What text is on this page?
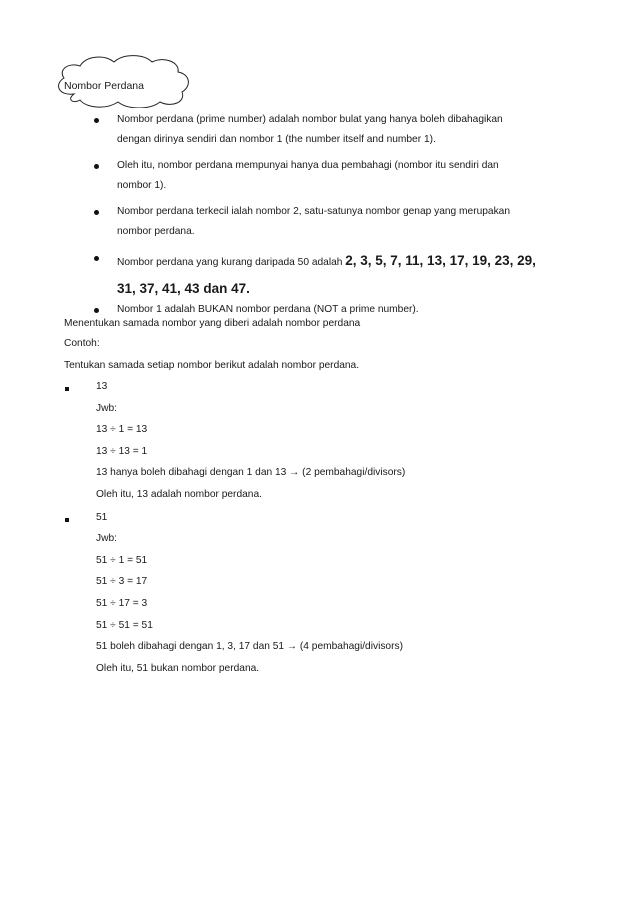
Nombor Perdana

Nombor perdana (prime number) adalah nombor bulat yang hanya boleh dibahagikan

dengan dirinya sendiri dan nombor 1 (the number itself and number 1).

Oleh itu, nombor perdana mempunyai hanya dua pembahagi (nombor itu sendiri dan

nombor 1).

Nombor perdana terkecil ialah nombor 2, satu-satunya nombor genap yang merupakan

nombor perdana.

Nombor perdana yang kurang daripada 50 adalah 2, 3, 5, 7, 11, 13, 17, 19, 23, 29,

31, 37, 41, 43 dan 47.

Nombor 1 adalah BUKAN nombor perdana (NOT a prime number).

Menentukan samada nombor yang diberi adalah nombor perdana
Contoh:
Tentukan samada setiap nombor berikut adalah nombor perdana.
13
Jwb:
13 ÷ 1 = 13
13 ÷ 13 = 1
13 hanya boleh dibahagi dengan 1 dan 13 → (2 pembahagi/divisors)
Oleh itu, 13 adalah nombor perdana.
51
Jwb:
51 ÷ 1 = 51
51 ÷ 3 = 17
51 ÷ 17 = 3
51 ÷ 51 = 51
51 boleh dibahagi dengan 1, 3, 17 dan 51 → (4 pembahagi/divisors)
Oleh itu, 51 bukan nombor perdana.
